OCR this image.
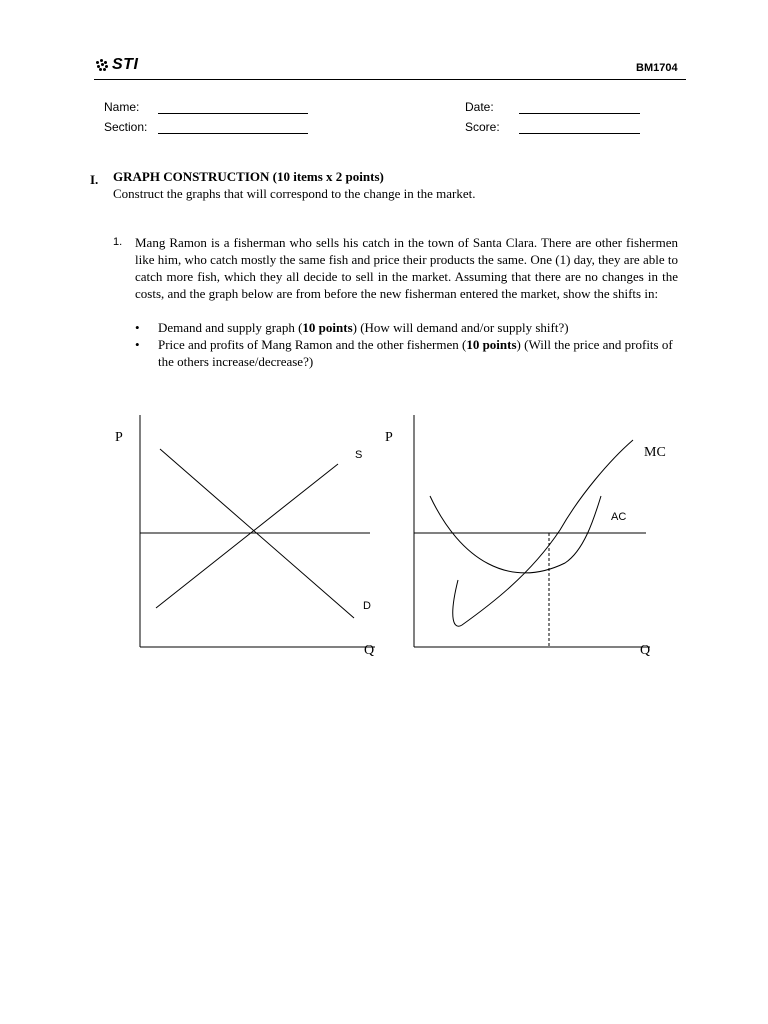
STI	BM1704
Name:
Section:
Date:
Score:
I. GRAPH CONSTRUCTION (10 items x 2 points)
Construct the graphs that will correspond to the change in the market.
1. Mang Ramon is a fisherman who sells his catch in the town of Santa Clara. There are other fishermen like him, who catch mostly the same fish and price their products the same. One (1) day, they are able to catch more fish, which they all decide to sell in the market. Assuming that there are no changes in the costs, and the graph below are from before the new fisherman entered the market, show the shifts in:
• Demand and supply graph (10 points) (How will demand and/or supply shift?)
• Price and profits of Mang Ramon and the other fishermen (10 points) (Will the price and profits of the others increase/decrease?)
P
Q
S
D
P
Q
MC
AC
